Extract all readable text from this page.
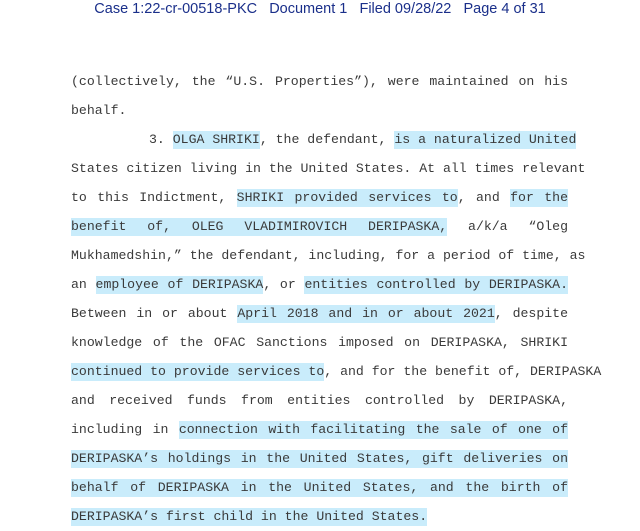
Case 1:22-cr-00518-PKC Document 1 Filed 09/28/22 Page 4 of 31
(collectively, the “U.S. Properties”), were maintained on his
behalf.
3. OLGA SHRIKI, the defendant, is a naturalized United
States citizen living in the United States. At all times relevant
to this Indictment, SHRIKI provided services to, and for the
benefit of, OLEG VLADIMIROVICH DERIPASKA, a/k/a “Oleg
Mukhamedshin,” the defendant, including, for a period of time, as
an employee of DERIPASKA, or entities controlled by DERIPASKA.
Between in or about April 2018 and in or about 2021, despite
knowledge of the OFAC Sanctions imposed on DERIPASKA, SHRIKI
continued to provide services to, and for the benefit of, DERIPASKA
and received funds from entities controlled by DERIPASKA,
including in connection with facilitating the sale of one of
DERIPASKA’s holdings in the United States, gift deliveries on
behalf of DERIPASKA in the United States, and the birth of
DERIPASKA’s first child in the United States.
